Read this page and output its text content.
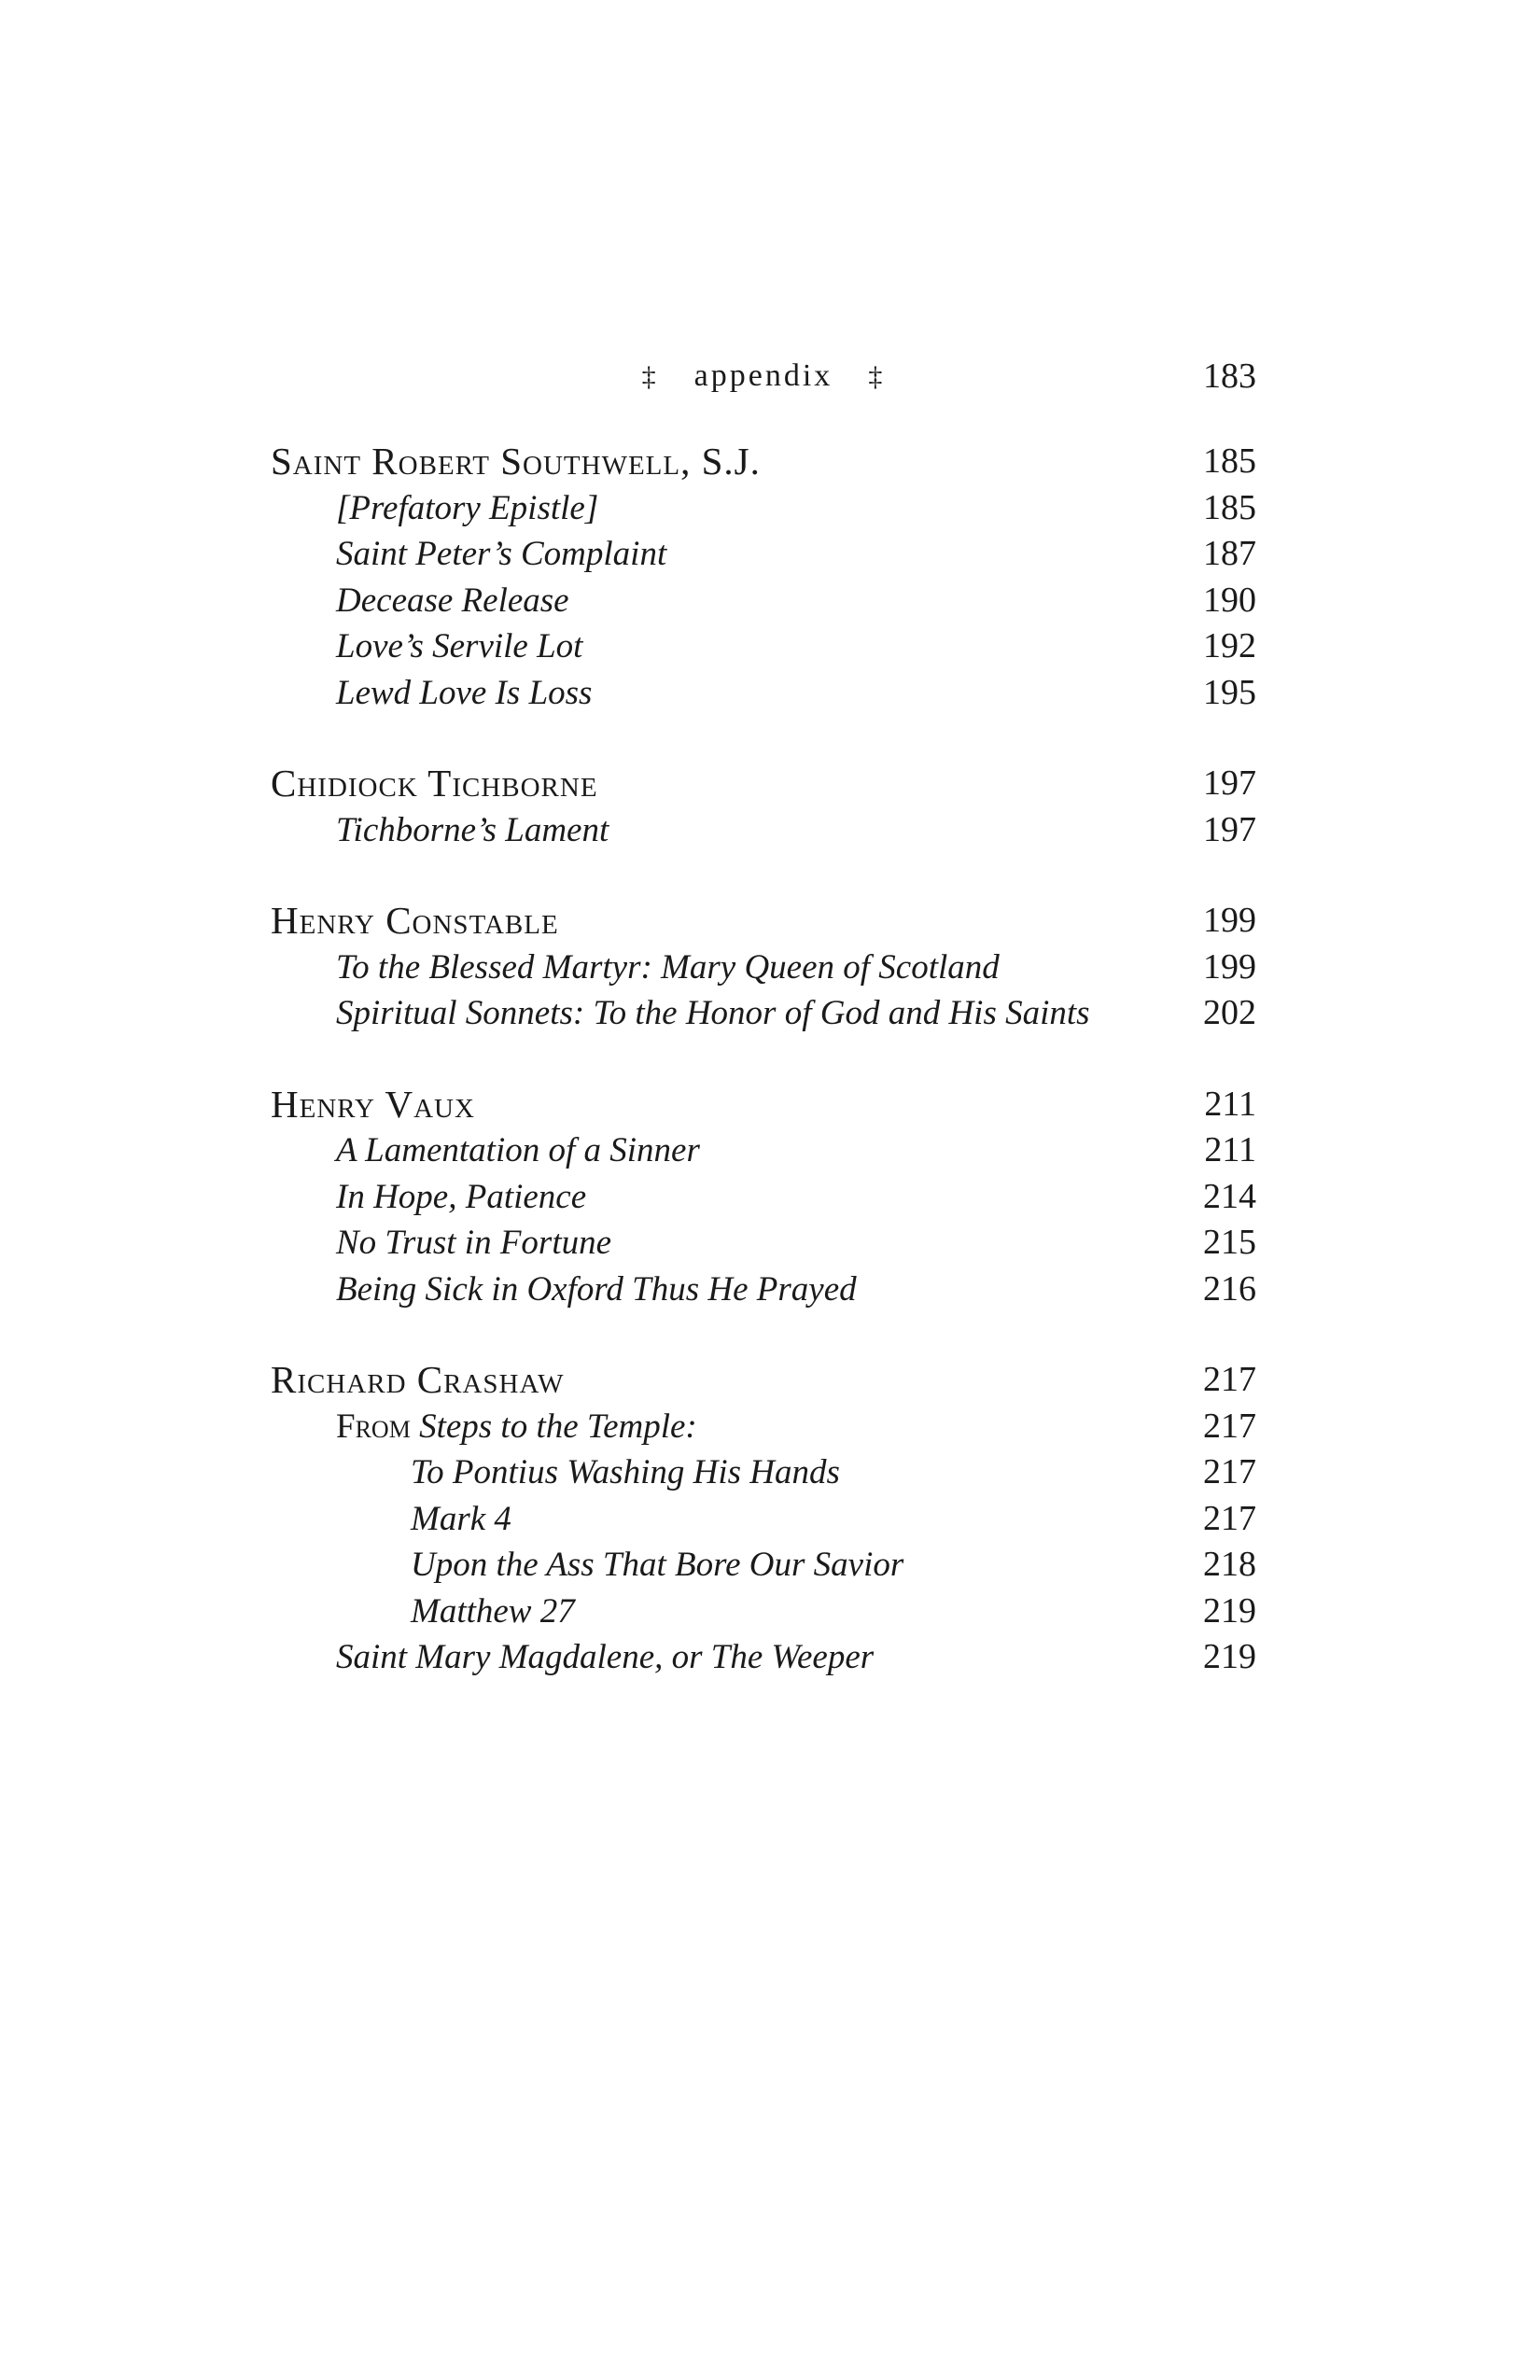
‡ appendix ‡	183
Saint Robert Southwell, S.J.	185
[Prefatory Epistle]	185
Saint Peter’s Complaint	187
Decease Release	190
Love’s Servile Lot	192
Lewd Love Is Loss	195
Chidiock Tichborne	197
Tichborne’s Lament	197
Henry Constable	199
To the Blessed Martyr: Mary Queen of Scotland	199
Spiritual Sonnets: To the Honor of God and His Saints	202
Henry Vaux	211
A Lamentation of a Sinner	211
In Hope, Patience	214
No Trust in Fortune	215
Being Sick in Oxford Thus He Prayed	216
Richard Crashaw	217
From Steps to the Temple:	217
To Pontius Washing His Hands	217
Mark 4	217
Upon the Ass That Bore Our Savior	218
Matthew 27	219
Saint Mary Magdalene, or The Weeper	219
